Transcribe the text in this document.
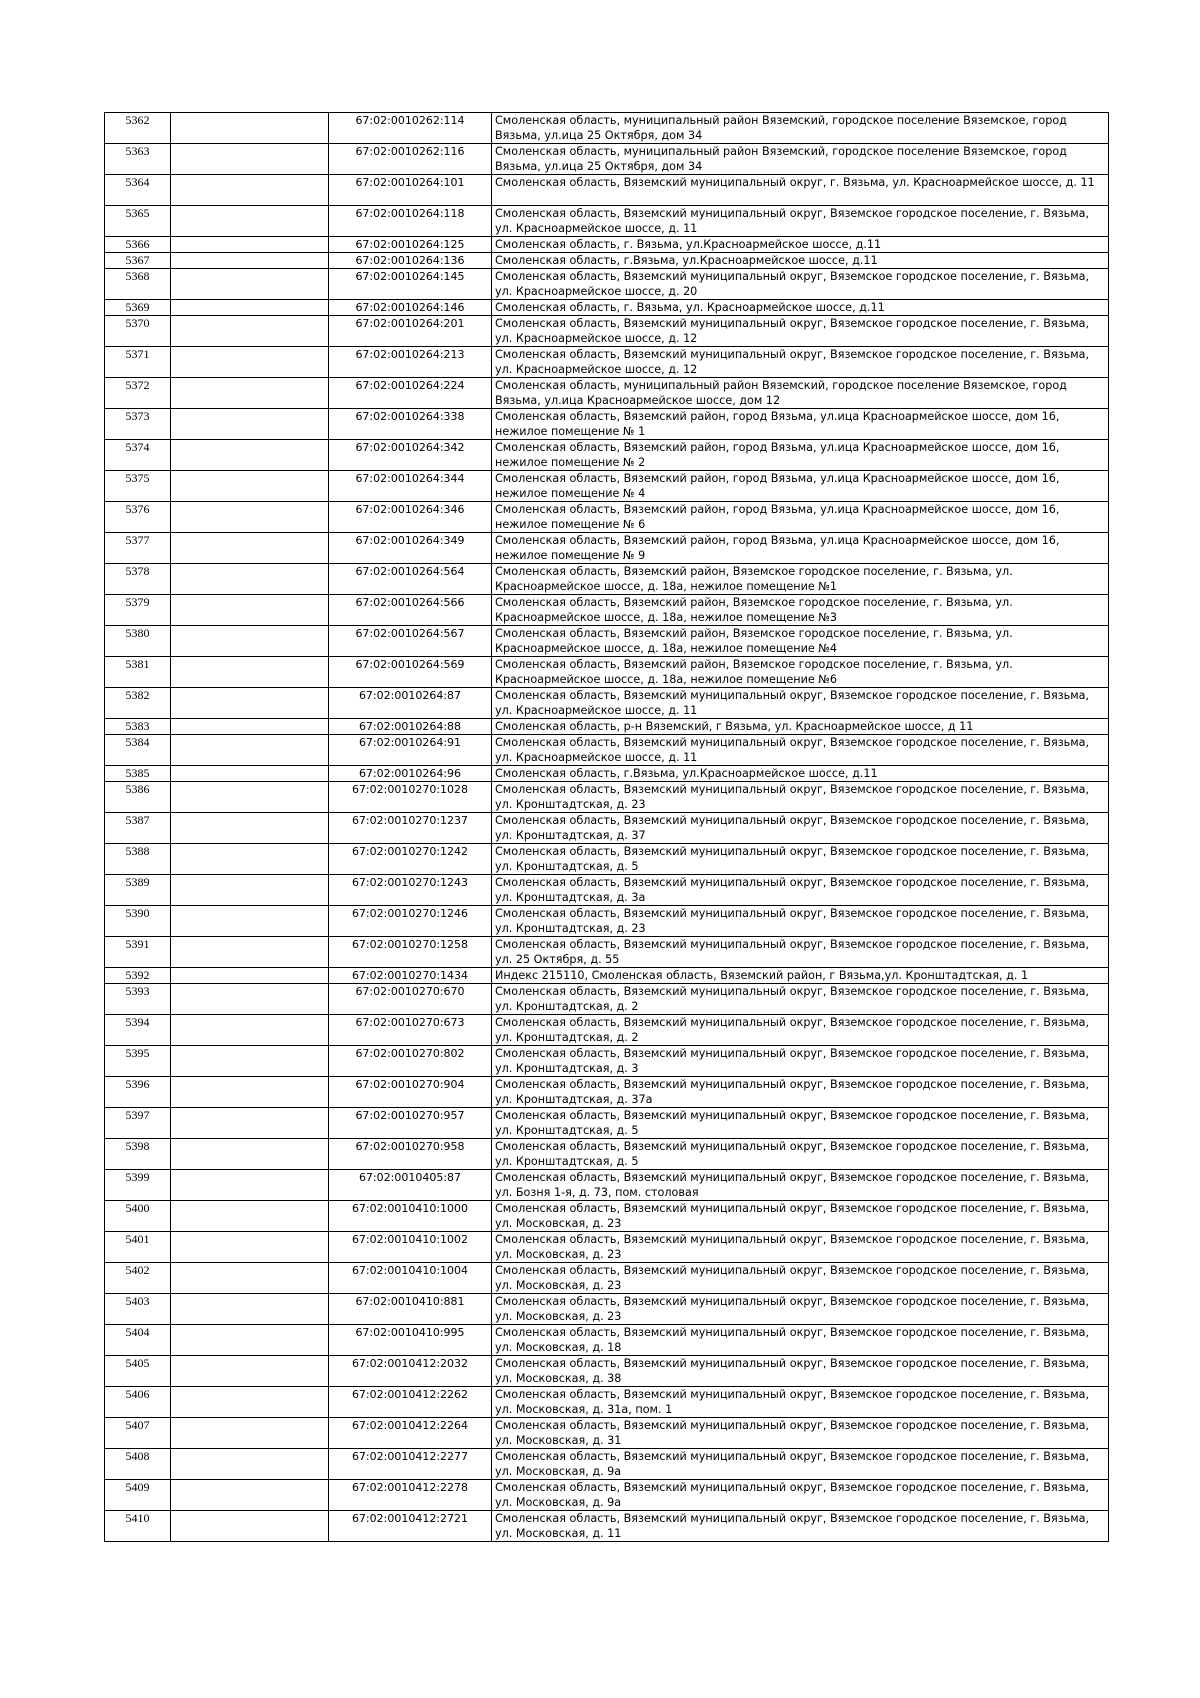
5362		67:02:0010262:114	Смоленская область, муниципальный район Вяземский, городское поселение Вяземское, город Вязьма, ул.ица 25 Октября, дом 34
5363		67:02:0010262:116	Смоленская область, муниципальный район Вяземский, городское поселение Вяземское, город Вязьма, ул.ица 25 Октября, дом 34
5364		67:02:0010264:101	Смоленская область, Вяземский муниципальный округ, г. Вязьма, ул. Красноармейское шоссе, д. 11
5365		67:02:0010264:118	Смоленская область, Вяземский муниципальный округ, Вяземское городское поселение, г. Вязьма, ул. Красноармейское шоссе, д. 11
5366		67:02:0010264:125	Смоленская область, г. Вязьма, ул.Красноармейское шоссе, д.11
5367		67:02:0010264:136	Смоленская область, г.Вязьма, ул.Красноармейское шоссе, д.11
5368		67:02:0010264:145	Смоленская область, Вяземский муниципальный округ, Вяземское городское поселение, г. Вязьма, ул. Красноармейское шоссе, д. 20
5369		67:02:0010264:146	Смоленская область, г. Вязьма, ул. Красноармейское шоссе, д.11
5370		67:02:0010264:201	Смоленская область, Вяземский муниципальный округ, Вяземское городское поселение, г. Вязьма, ул. Красноармейское шоссе, д. 12
5371		67:02:0010264:213	Смоленская область, Вяземский муниципальный округ, Вяземское городское поселение, г. Вязьма, ул. Красноармейское шоссе, д. 12
5372		67:02:0010264:224	Смоленская область, муниципальный район Вяземский, городское поселение Вяземское, город Вязьма, ул.ица Красноармейское шоссе, дом 12
5373		67:02:0010264:338	Смоленская область, Вяземский район, город Вязьма, ул.ица Красноармейское шоссе, дом 16, нежилое помещение № 1
5374		67:02:0010264:342	Смоленская область, Вяземский район, город Вязьма, ул.ица Красноармейское шоссе, дом 16, нежилое помещение № 2
5375		67:02:0010264:344	Смоленская область, Вяземский район, город Вязьма, ул.ица Красноармейское шоссе, дом 16, нежилое помещение № 4
5376		67:02:0010264:346	Смоленская область, Вяземский район, город Вязьма, ул.ица Красноармейское шоссе, дом 16, нежилое помещение № 6
5377		67:02:0010264:349	Смоленская область, Вяземский район, город Вязьма, ул.ица Красноармейское шоссе, дом 16, нежилое помещение № 9
5378		67:02:0010264:564	Смоленская область, Вяземский район, Вяземское городское поселение, г. Вязьма, ул. Красноармейское шоссе, д. 18а, нежилое помещение №1
5379		67:02:0010264:566	Смоленская область, Вяземский район, Вяземское городское поселение, г. Вязьма, ул. Красноармейское шоссе, д. 18а, нежилое помещение №3
5380		67:02:0010264:567	Смоленская область, Вяземский район, Вяземское городское поселение, г. Вязьма, ул. Красноармейское шоссе, д. 18а, нежилое помещение №4
5381		67:02:0010264:569	Смоленская область, Вяземский район, Вяземское городское поселение, г. Вязьма, ул. Красноармейское шоссе, д. 18а, нежилое помещение №6
5382		67:02:0010264:87	Смоленская область, Вяземский муниципальный округ, Вяземское городское поселение, г. Вязьма, ул. Красноармейское шоссе, д. 11
5383		67:02:0010264:88	Смоленская область, р-н Вяземский, г Вязьма, ул. Красноармейское шоссе, д 11
5384		67:02:0010264:91	Смоленская область, Вяземский муниципальный округ, Вяземское городское поселение, г. Вязьма, ул. Красноармейское шоссе, д. 11
5385		67:02:0010264:96	Смоленская область, г.Вязьма, ул.Красноармейское шоссе, д.11
5386		67:02:0010270:1028	Смоленская область, Вяземский муниципальный округ, Вяземское городское поселение, г. Вязьма, ул. Кронштадтская, д. 23
5387		67:02:0010270:1237	Смоленская область, Вяземский муниципальный округ, Вяземское городское поселение, г. Вязьма, ул. Кронштадтская, д. 37
5388		67:02:0010270:1242	Смоленская область, Вяземский муниципальный округ, Вяземское городское поселение, г. Вязьма, ул. Кронштадтская, д. 5
5389		67:02:0010270:1243	Смоленская область, Вяземский муниципальный округ, Вяземское городское поселение, г. Вязьма, ул. Кронштадтская, д. 3а
5390		67:02:0010270:1246	Смоленская область, Вяземский муниципальный округ, Вяземское городское поселение, г. Вязьма, ул. Кронштадтская, д. 23
5391		67:02:0010270:1258	Смоленская область, Вяземский муниципальный округ, Вяземское городское поселение, г. Вязьма, ул. 25 Октября, д. 55
5392		67:02:0010270:1434	Индекс 215110, Смоленская область, Вяземский район, г Вязьма,ул. Кронштадтская, д. 1
5393		67:02:0010270:670	Смоленская область, Вяземский муниципальный округ, Вяземское городское поселение, г. Вязьма, ул. Кронштадтская, д. 2
5394		67:02:0010270:673	Смоленская область, Вяземский муниципальный округ, Вяземское городское поселение, г. Вязьма, ул. Кронштадтская, д. 2
5395		67:02:0010270:802	Смоленская область, Вяземский муниципальный округ, Вяземское городское поселение, г. Вязьма, ул. Кронштадтская, д. 3
5396		67:02:0010270:904	Смоленская область, Вяземский муниципальный округ, Вяземское городское поселение, г. Вязьма, ул. Кронштадтская, д. 37а
5397		67:02:0010270:957	Смоленская область, Вяземский муниципальный округ, Вяземское городское поселение, г. Вязьма, ул. Кронштадтская, д. 5
5398		67:02:0010270:958	Смоленская область, Вяземский муниципальный округ, Вяземское городское поселение, г. Вязьма, ул. Кронштадтская, д. 5
5399		67:02:0010405:87	Смоленская область, Вяземский муниципальный округ, Вяземское городское поселение, г. Вязьма, ул. Бозня 1-я, д. 73, пом. столовая
5400		67:02:0010410:1000	Смоленская область, Вяземский муниципальный округ, Вяземское городское поселение, г. Вязьма, ул. Московская, д. 23
5401		67:02:0010410:1002	Смоленская область, Вяземский муниципальный округ, Вяземское городское поселение, г. Вязьма, ул. Московская, д. 23
5402		67:02:0010410:1004	Смоленская область, Вяземский муниципальный округ, Вяземское городское поселение, г. Вязьма, ул. Московская, д. 23
5403		67:02:0010410:881	Смоленская область, Вяземский муниципальный округ, Вяземское городское поселение, г. Вязьма, ул. Московская, д. 23
5404		67:02:0010410:995	Смоленская область, Вяземский муниципальный округ, Вяземское городское поселение, г. Вязьма, ул. Московская, д. 18
5405		67:02:0010412:2032	Смоленская область, Вяземский муниципальный округ, Вяземское городское поселение, г. Вязьма, ул. Московская, д. 38
5406		67:02:0010412:2262	Смоленская область, Вяземский муниципальный округ, Вяземское городское поселение, г. Вязьма, ул. Московская, д. 31а, пом. 1
5407		67:02:0010412:2264	Смоленская область, Вяземский муниципальный округ, Вяземское городское поселение, г. Вязьма, ул. Московская, д. 31
5408		67:02:0010412:2277	Смоленская область, Вяземский муниципальный округ, Вяземское городское поселение, г. Вязьма, ул. Московская, д. 9а
5409		67:02:0010412:2278	Смоленская область, Вяземский муниципальный округ, Вяземское городское поселение, г. Вязьма, ул. Московская, д. 9а
5410		67:02:0010412:2721	Смоленская область, Вяземский муниципальный округ, Вяземское городское поселение, г. Вязьма, ул. Московская, д. 11
